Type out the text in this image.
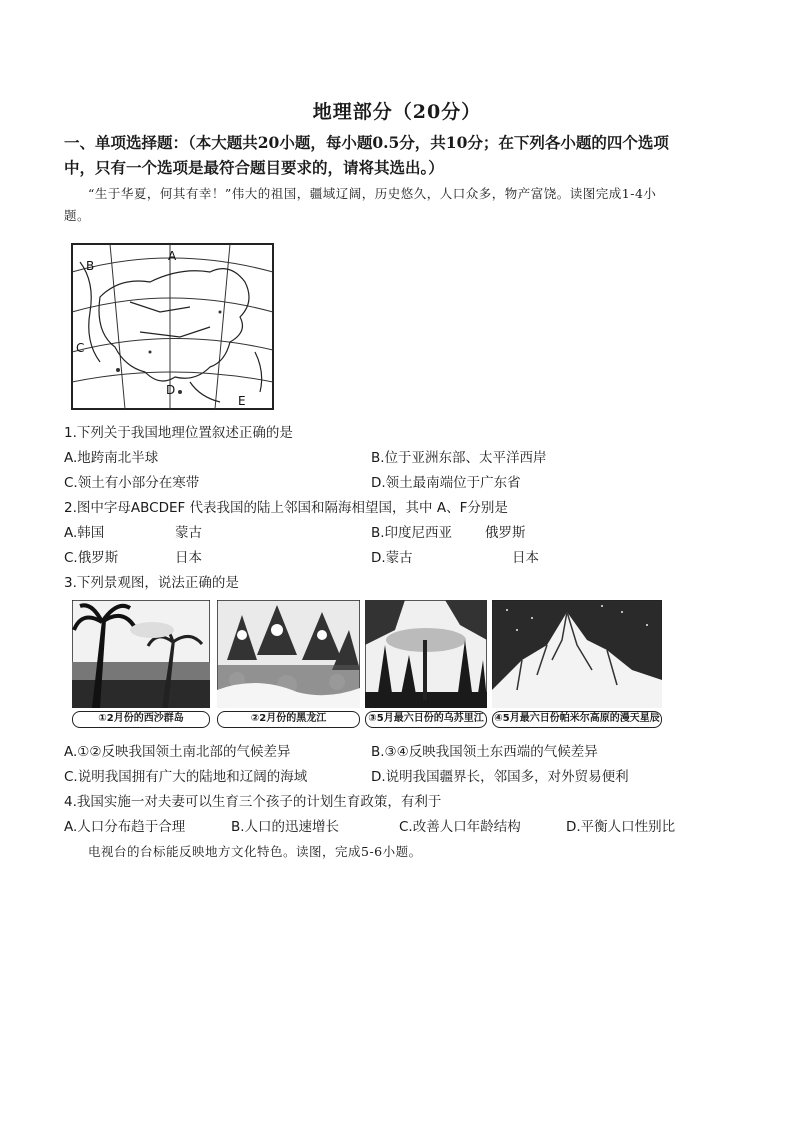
地理部分（20分）
一、单项选择题：（本大题共20小题，每小题0.5分，共10分；在下列各小题的四个选项
中，只有一个选项是最符合题目要求的，请将其选出。）
“生于华夏，何其有幸！”伟大的祖国，疆域辽阔，历史悠久，人口众多，物产富饶。读图完成1-4小
题。
A
B
C
D
E
1.下列关于我国地理位置叙述正确的是
A.地跨南北半球	B.位于亚洲东部、太平洋西岸
C.领土有小部分在寒带	D.领土最南端位于广东省
2.图中字母ABCDEF 代表我国的陆上邻国和隔海相望国，其中 A、F分别是
A.韩国	蒙古	B.印度尼西亚 俄罗斯
C.俄罗斯	日本	D.蒙古	日本
3.下列景观图，说法正确的是
①2月份的西沙群岛	②2月份的黑龙江	③5月最六日份的乌苏里江	④5月最六日份帕米尔高原的漫天星辰
A.①②反映我国领土南北部的气候差异	B.③④反映我国领土东西端的气候差异
C.说明我国拥有广大的陆地和辽阔的海域	D.说明我国疆界长，邻国多，对外贸易便利
4.我国实施一对夫妻可以生育三个孩子的计划生育政策，有利于
A.人口分布趋于合理	B.人口的迅速增长	C.改善人口年龄结构	D.平衡人口性别比
电视台的台标能反映地方文化特色。读图，完成5-6小题。
